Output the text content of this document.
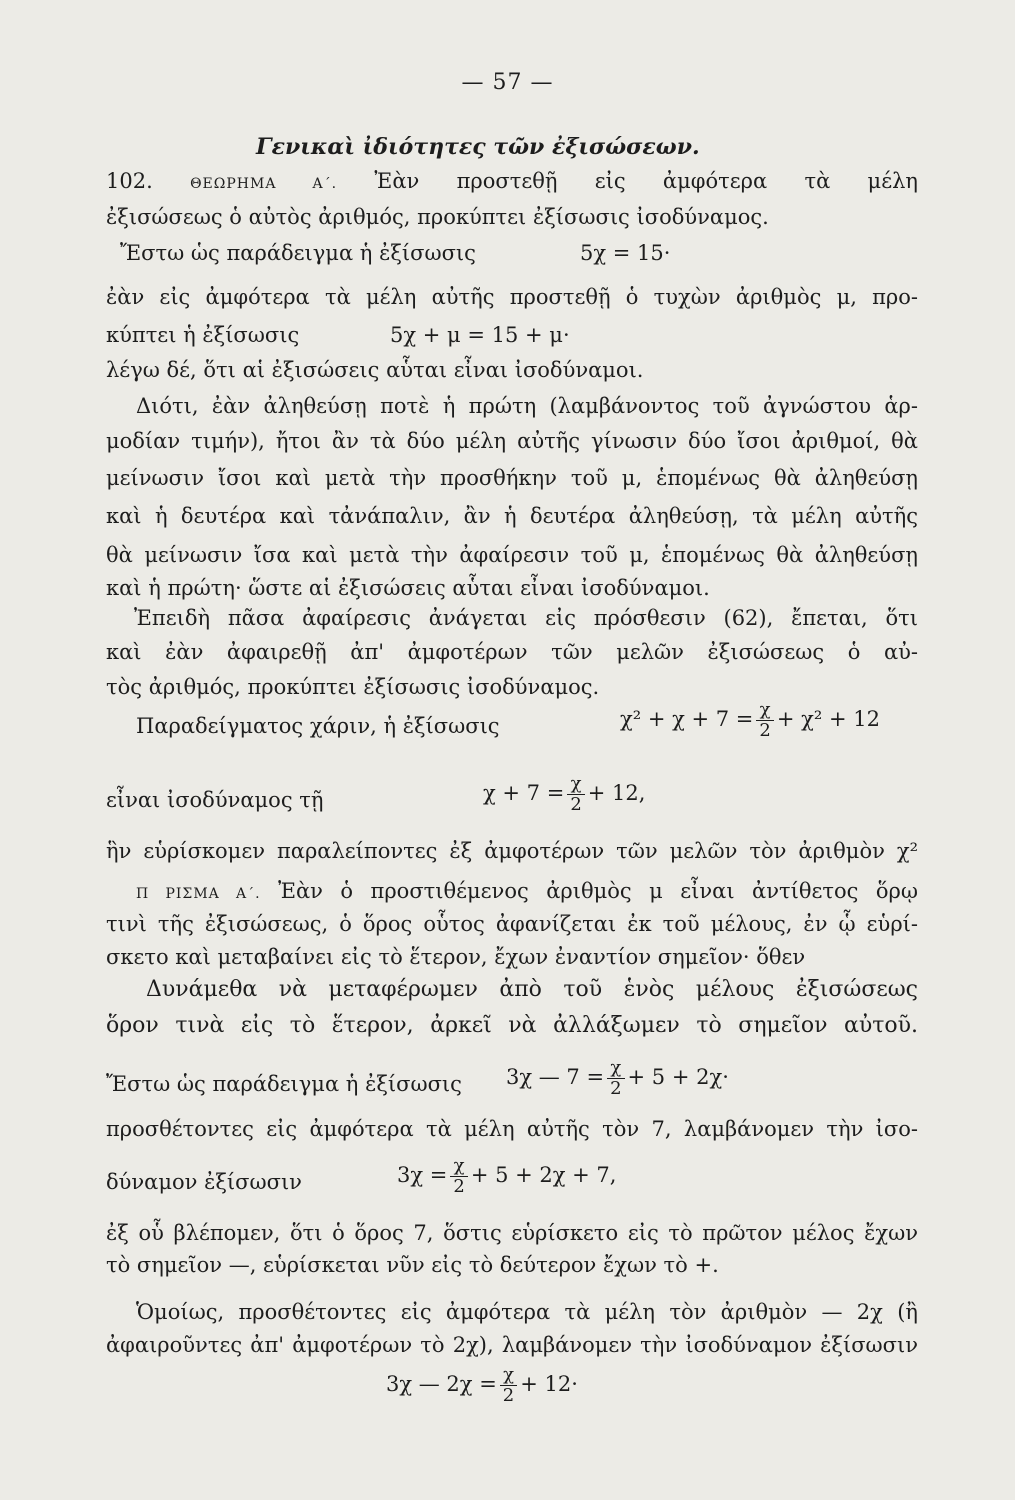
— 57 —
Γενικαὶ ἰδιότητες τῶν ἐξισώσεων.
102.	ΘΕΩΡΗΜΑ Α΄. Ἐὰν προστεθῇ εἰς ἀμφότερα τὰ μέλη
ἐξισώσεως ὁ αὐτὸς ἀριθμός, προκύπτει ἐξίσωσις ἰσοδύναμος.
Ἔστω ὡς παράδειγμα ἡ ἐξίσωσις	5χ = 15·
ἐὰν εἰς ἀμφότερα τὰ μέλη αὐτῆς προστεθῇ ὁ τυχὼν ἀριθμὸς μ, προ-
κύπτει ἡ ἐξίσωσις	5χ + μ = 15 + μ·
λέγω δέ, ὅτι αἱ ἐξισώσεις αὗται εἶναι ἰσοδύναμοι.
Διότι, ἐὰν ἀληθεύσῃ ποτὲ ἡ πρώτη (λαμβάνοντος τοῦ ἀγνώστου ἁρ-
μοδίαν τιμήν), ἤτοι ἂν τὰ δύο μέλη αὐτῆς γίνωσιν δύο ἴσοι ἀριθμοί, θὰ
μείνωσιν ἴσοι καὶ μετὰ τὴν προσθήκην τοῦ μ, ἑπομένως θὰ ἀληθεύσῃ
καὶ ἡ δευτέρα καὶ τἀνάπαλιν, ἂν ἡ δευτέρα ἀληθεύσῃ, τὰ μέλη αὐτῆς
θὰ μείνωσιν ἴσα καὶ μετὰ τὴν ἀφαίρεσιν τοῦ μ, ἑπομένως θὰ ἀληθεύσῃ
καὶ ἡ πρώτη· ὥστε αἱ ἐξισώσεις αὗται εἶναι ἰσοδύναμοι.
Ἐπειδὴ πᾶσα ἀφαίρεσις ἀνάγεται εἰς πρόσθεσιν (62), ἔπεται, ὅτι
καὶ ἐὰν ἀφαιρεθῇ ἀπ' ἀμφοτέρων τῶν μελῶν ἐξισώσεως ὁ αὐ-
τὸς ἀριθμός, προκύπτει ἐξίσωσις ἰσοδύναμος.
Παραδείγματος χάριν, ἡ ἐξίσωσις	$\chi^2 + \chi + 7 = \frac{\chi}{2} + \chi^2 + 12$
εἶναι ἰσοδύναμος τῇ	$\chi + 7 = \frac{\chi}{2} + 12$,
ἣν εὑρίσκομεν παραλείποντες ἐξ ἀμφοτέρων τῶν μελῶν τὸν ἀριθμὸν χ²
Π ΡΙΣΜΑ Α΄. Ἐὰν ὁ προστιθέμενος ἀριθμὸς μ εἶναι ἀντίθετος ὅρῳ
τινὶ τῆς ἐξισώσεως, ὁ ὅρος οὗτος ἀφανίζεται ἐκ τοῦ μέλους, ἐν ᾧ εὑρί-
σκετο καὶ μεταβαίνει εἰς τὸ ἕτερον, ἔχων ἐναντίον σημεῖον· ὅθεν
Δυνάμεθα νὰ μεταφέρωμεν ἀπὸ τοῦ ἑνὸς μέλους ἐξισώσεως
ὅρον τινὰ εἰς τὸ ἕτερον, ἀρκεῖ νὰ ἀλλάξωμεν τὸ σημεῖον αὐτοῦ.
Ἔστω ὡς παράδειγμα ἡ ἐξίσωσις 3χ — $7 = \frac{\chi}{2} + 5 + 2\chi\cdot$
προσθέτοντες εἰς ἀμφότερα τὰ μέλη αὐτῆς τὸν 7, λαμβάνομεν τὴν ἰσο-
δύναμον ἐξίσωσιν	$3\chi = \frac{\chi}{2} + 5 + 2\chi + 7$,
ἐξ οὗ βλέπομεν, ὅτι ὁ ὅρος 7, ὅστις εὑρίσκετο εἰς τὸ πρῶτον μέλος ἔχων
τὸ σημεῖον —, εὑρίσκεται νῦν εἰς τὸ δεύτερον ἔχων τὸ +.
Ὁμοίως, προσθέτοντες εἰς ἀμφότερα τὰ μέλη τὸν ἀριθμὸν — 2χ (ἢ
ἀφαιροῦντες ἀπ' ἀμφοτέρων τὸ 2χ), λαμβάνομεν τὴν ἰσοδύναμον ἐξίσωσιν
3χ — $2\chi = \frac{\chi}{2} + 12\cdot$
